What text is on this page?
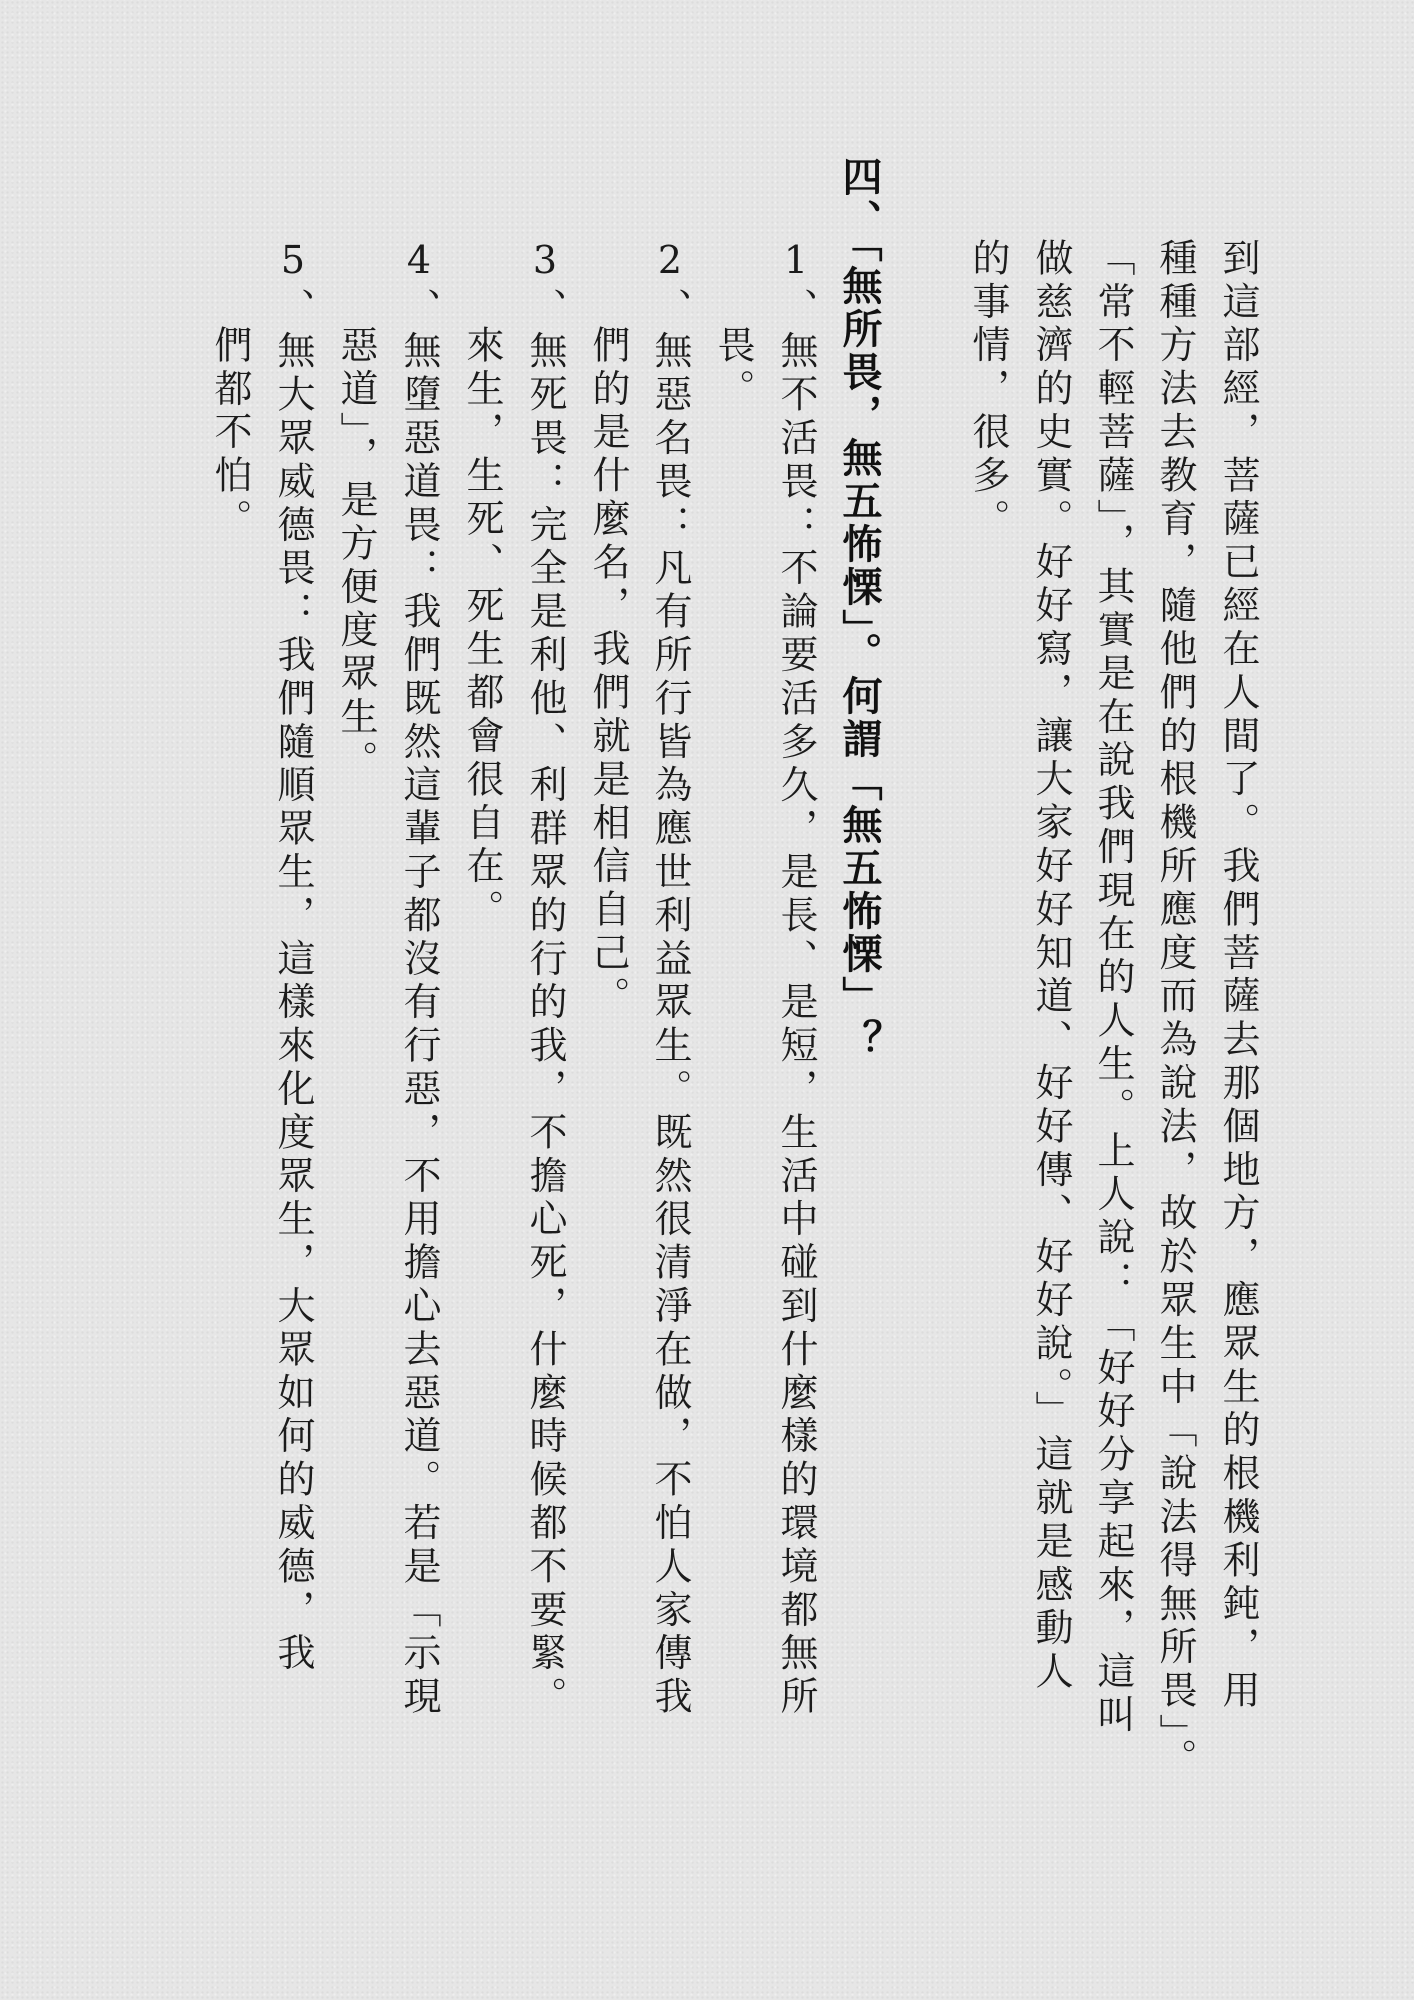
到這部經，菩薩已經在人間了。我們菩薩去那個地方，應眾生的根機利鈍，用
種種方法去教育，隨他們的根機所應度而為說法，故於眾生中「說法得無所畏」。
「常不輕菩薩」，其實是在說我們現在的人生。上人說：「好好分享起來，這叫
做慈濟的史實。好好寫，讓大家好好知道、好好傳、好好說。」這就是感動人
的事情，很多。
四、「無所畏，無五怖慄」。何謂「無五怖慄」？
1、無不活畏：不論要活多久，是長、是短，生活中碰到什麼樣的環境都無所
畏。
2、無惡名畏：凡有所行皆為應世利益眾生。既然很清淨在做，不怕人家傳我
們的是什麼名，我們就是相信自己。
3、無死畏：完全是利他、利群眾的行的我，不擔心死，什麼時候都不要緊。
來生，生死、死生都會很自在。
4、無墮惡道畏：我們既然這輩子都沒有行惡，不用擔心去惡道。若是「示現
惡道」，是方便度眾生。
5、無大眾威德畏：我們隨順眾生，這樣來化度眾生，大眾如何的威德，我
們都不怕。
